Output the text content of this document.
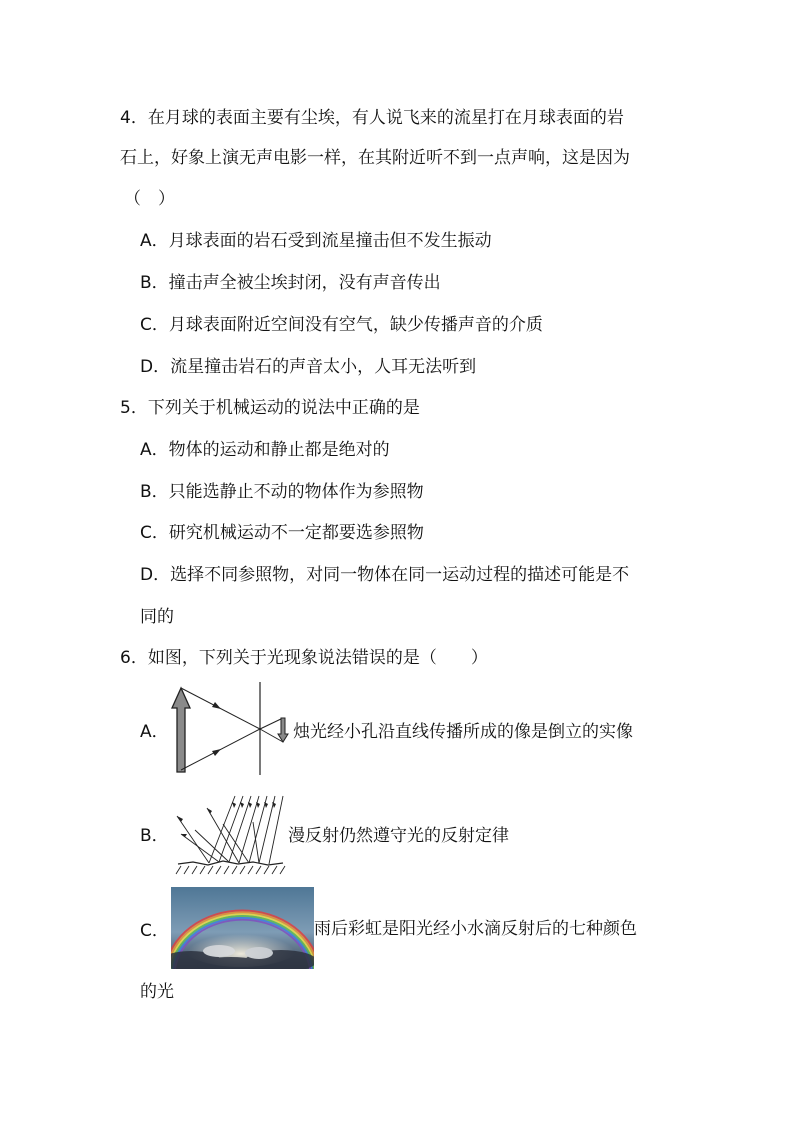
4．在月球的表面主要有尘埃，有人说飞来的流星打在月球表面的岩
石上，好象上演无声电影一样，在其附近听不到一点声响，这是因为
（　）
A．月球表面的岩石受到流星撞击但不发生振动
B．撞击声全被尘埃封闭，没有声音传出
C．月球表面附近空间没有空气，缺少传播声音的介质
D．流星撞击岩石的声音太小，人耳无法听到
5．下列关于机械运动的说法中正确的是
A．物体的运动和静止都是绝对的
B．只能选静止不动的物体作为参照物
C．研究机械运动不一定都要选参照物
D．选择不同参照物，对同一物体在同一运动过程的描述可能是不
同的
6．如图，下列关于光现象说法错误的是（　　）
A．	烛光经小孔沿直线传播所成的像是倒立的实像
B．	漫反射仍然遵守光的反射定律
C．	雨后彩虹是阳光经小水滴反射后的七种颜色
的光
